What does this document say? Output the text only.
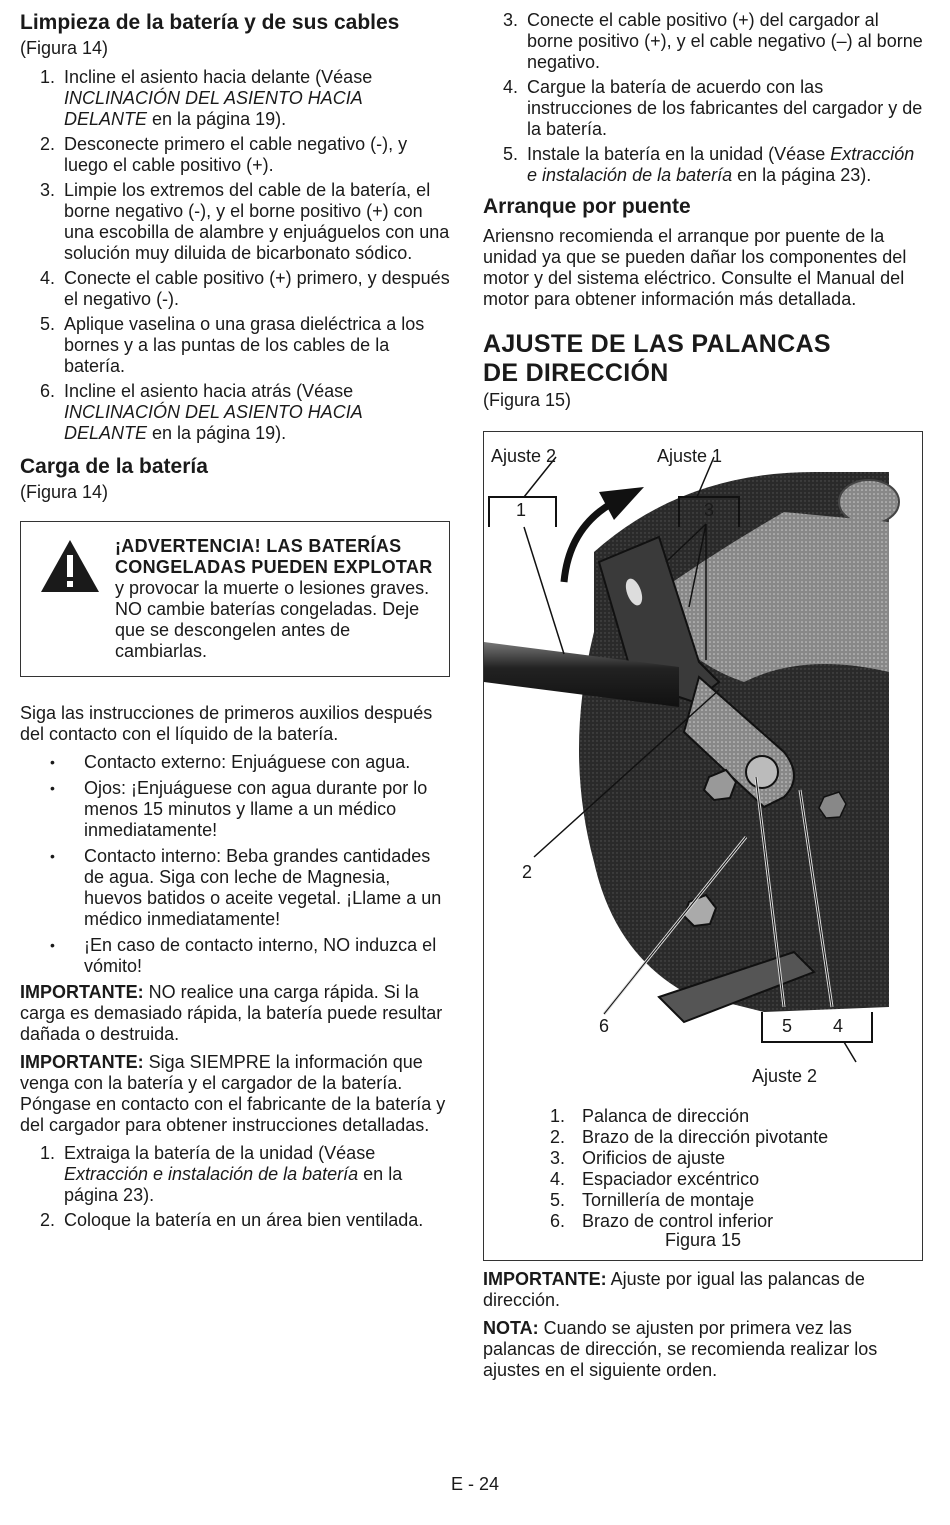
Limpieza de la batería y de sus cables
(Figura 14)
1. Incline el asiento hacia delante (Véase INCLINACIÓN DEL ASIENTO HACIA DELANTE en la página 19).
2. Desconecte primero el cable negativo (-), y luego el cable positivo (+).
3. Limpie los extremos del cable de la batería, el borne negativo (-), y el borne positivo (+) con una escobilla de alambre y enjuáguelos con una solución muy diluida de bicarbonato sódico.
4. Conecte el cable positivo (+) primero, y después el negativo (-).
5. Aplique vaselina o una grasa dieléctrica a los bornes y a las puntas de los cables de la batería.
6. Incline el asiento hacia atrás (Véase INCLINACIÓN DEL ASIENTO HACIA DELANTE en la página 19).
Carga de la batería
(Figura 14)
¡ADVERTENCIA! LAS BATERÍAS CONGELADAS PUEDEN EXPLOTAR y provocar la muerte o lesiones graves. NO cambie baterías congeladas. Deje que se descongelen antes de cambiarlas.

Siga las instrucciones de primeros auxilios después del contacto con el líquido de la batería.

• Contacto externo: Enjuáguese con agua.
• Ojos: ¡Enjuáguese con agua durante por lo menos 15 minutos y llame a un médico inmediatamente!
• Contacto interno: Beba grandes cantidades de agua. Siga con leche de Magnesia, huevos batidos o aceite vegetal. ¡Llame a un médico inmediatamente!
• ¡En caso de contacto interno, NO induzca el vómito!

IMPORTANTE: NO realice una carga rápida. Si la carga es demasiado rápida, la batería puede resultar dañada o destruida.

IMPORTANTE: Siga SIEMPRE la información que venga con la batería y el cargador de la batería. Póngase en contacto con el fabricante de la batería y del cargador para obtener instrucciones detalladas.

1. Extraiga la batería de la unidad (Véase Extracción e instalación de la batería en la página 23).
2. Coloque la batería en un área bien ventilada.
3. Conecte el cable positivo (+) del cargador al borne positivo (+), y el cable negativo (–) al borne negativo.
4. Cargue la batería de acuerdo con las instrucciones de los fabricantes del cargador y de la batería.
5. Instale la batería en la unidad (Véase Extracción e instalación de la batería en la página 23).
Arranque por puente

Ariensno recomienda el arranque por puente de la unidad ya que se pueden dañar los componentes del motor y del sistema eléctrico. Consulte el Manual del motor para obtener información más detallada.

AJUSTE DE LAS PALANCAS
DE DIRECCIÓN
(Figura 15)
Ajuste 2	Ajuste 1
1	3
2
6	5 4
Ajuste 2
1. Palanca de dirección
2. Brazo de la dirección pivotante
3. Orificios de ajuste
4. Espaciador excéntrico
5. Tornillería de montaje
6. Brazo de control inferior
Figura 15

IMPORTANTE: Ajuste por igual las palancas de dirección.

NOTA: Cuando se ajusten por primera vez las palancas de dirección, se recomienda realizar los ajustes en el siguiente orden.

E - 24
